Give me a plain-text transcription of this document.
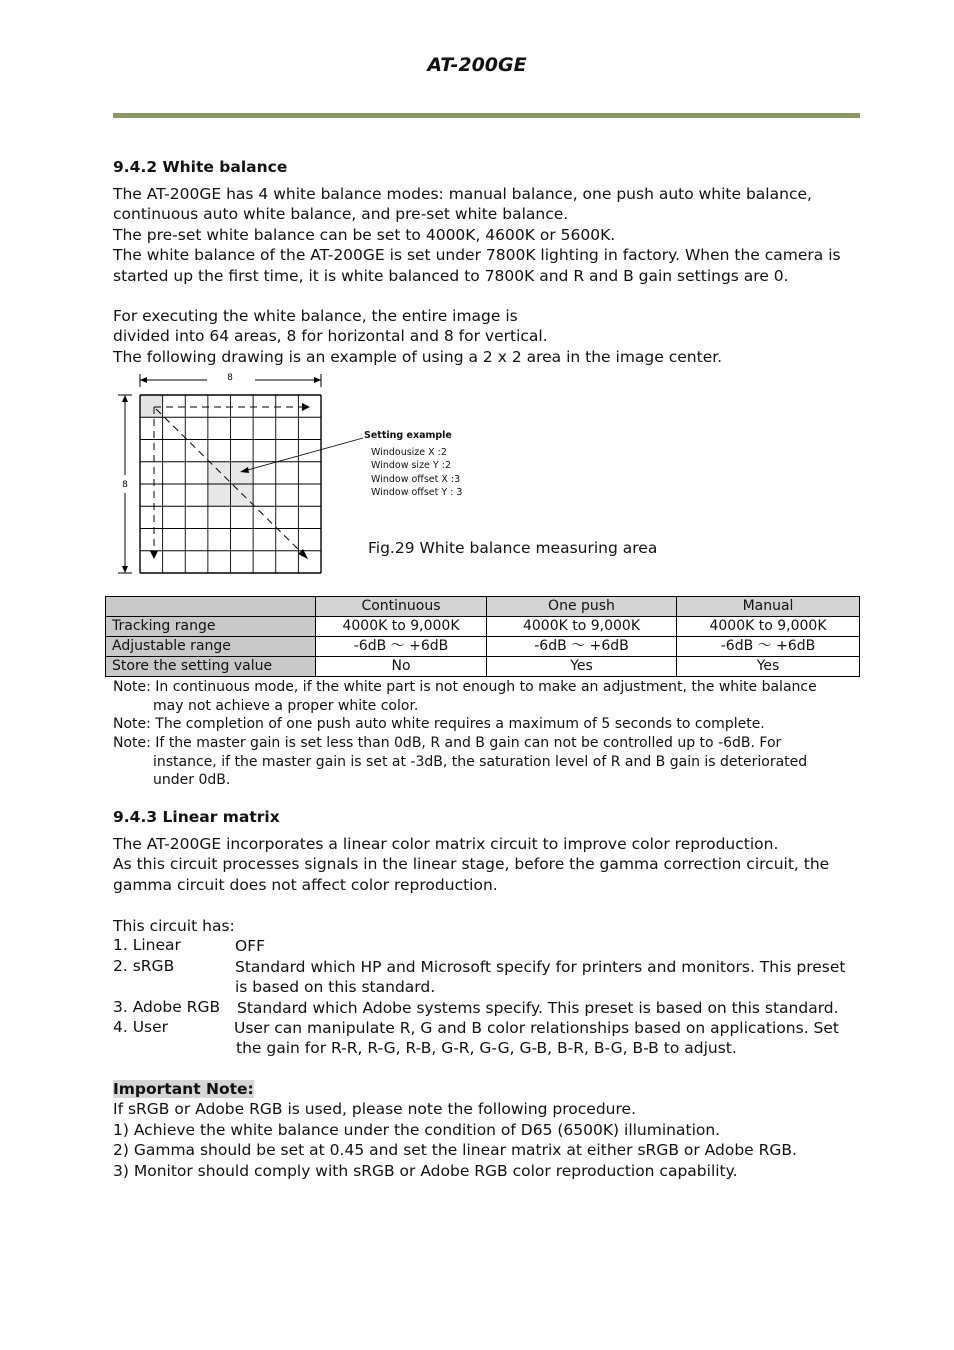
AT-200GE
9.4.2 White balance
The AT-200GE has 4 white balance modes: manual balance, one push auto white balance,
continuous auto white balance, and pre-set white balance.
The pre-set white balance can be set to 4000K, 4600K or 5600K.
The white balance of the AT-200GE is set under 7800K lighting in factory. When the camera is
started up the first time, it is white balanced to 7800K and R and B gain settings are 0.
For executing the white balance, the entire image is
divided into 64 areas, 8 for horizontal and 8 for vertical.
The following drawing is an example of using a 2 x 2 area in the image center.
8
8
Setting example
Windousize X :2
Window size Y :2
Window offset X :3
Window offset Y : 3
Fig.29 White balance measuring area
	Continuous	One push	Manual
Tracking range	4000K to 9,000K	4000K to 9,000K	4000K to 9,000K
Adjustable range	-6dB ～ +6dB	-6dB ～ +6dB	-6dB ～ +6dB
Store the setting value	No	Yes	Yes
Note: In continuous mode, if the white part is not enough to make an adjustment, the white balance
may not achieve a proper white color.
Note: The completion of one push auto white requires a maximum of 5 seconds to complete.
Note: If the master gain is set less than 0dB, R and B gain can not be controlled up to -6dB. For
instance, if the master gain is set at -3dB, the saturation level of R and B gain is deteriorated
under 0dB.
9.4.3 Linear matrix
The AT-200GE incorporates a linear color matrix circuit to improve color reproduction.
As this circuit processes signals in the linear stage, before the gamma correction circuit, the
gamma circuit does not affect color reproduction.
This circuit has:
1. Linear	OFF
2. sRGB	Standard which HP and Microsoft specify for printers and monitors. This preset
is based on this standard.
3. Adobe RGB Standard which Adobe systems specify. This preset is based on this standard.
4. User	User can manipulate R, G and B color relationships based on applications. Set
the gain for R-R, R-G, R-B, G-R, G-G, G-B, B-R, B-G, B-B to adjust.
Important Note:
If sRGB or Adobe RGB is used, please note the following procedure.
1) Achieve the white balance under the condition of D65 (6500K) illumination.
2) Gamma should be set at 0.45 and set the linear matrix at either sRGB or Adobe RGB.
3) Monitor should comply with sRGB or Adobe RGB color reproduction capability.
